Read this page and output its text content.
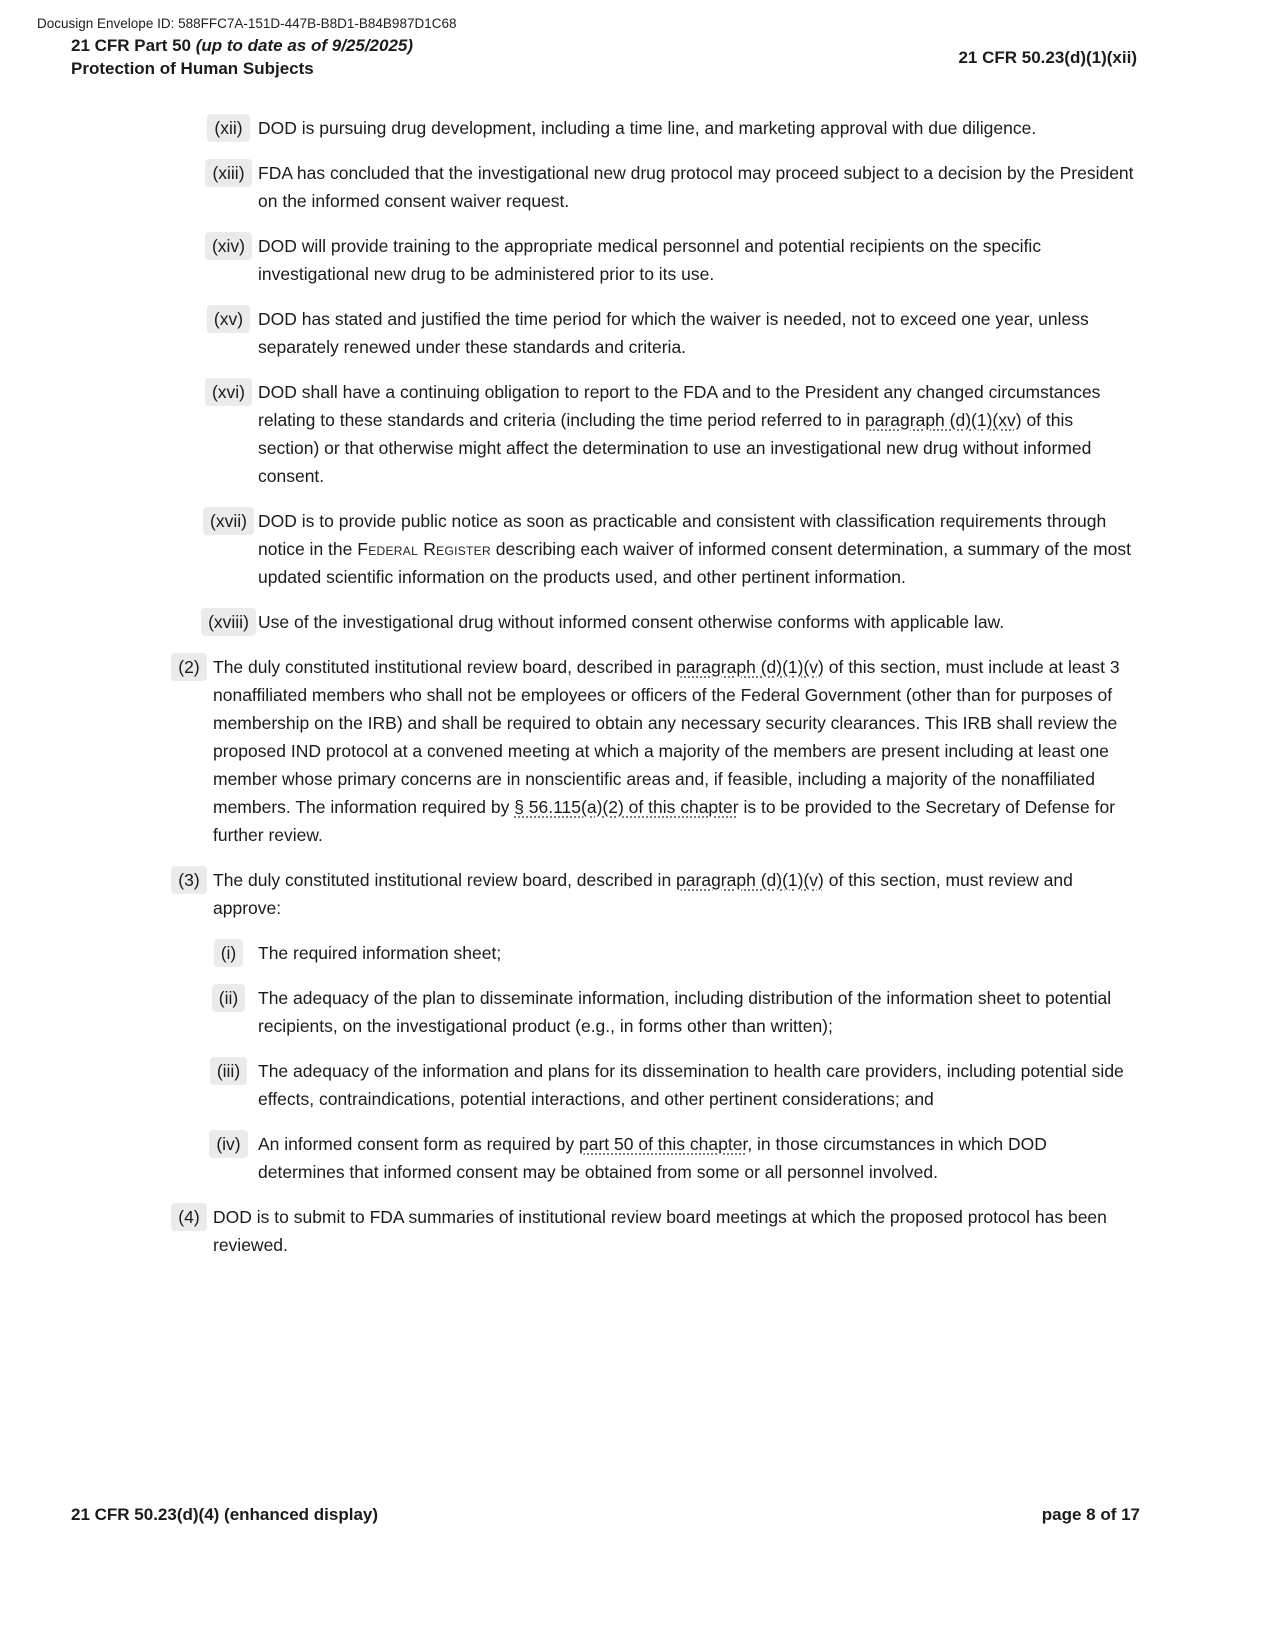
Docusign Envelope ID: 588FFC7A-151D-447B-B8D1-B84B987D1C68
21 CFR Part 50 (up to date as of 9/25/2025)
Protection of Human Subjects
21 CFR 50.23(d)(1)(xii)
(xii) DOD is pursuing drug development, including a time line, and marketing approval with due diligence.
(xiii) FDA has concluded that the investigational new drug protocol may proceed subject to a decision by the President on the informed consent waiver request.
(xiv) DOD will provide training to the appropriate medical personnel and potential recipients on the specific investigational new drug to be administered prior to its use.
(xv) DOD has stated and justified the time period for which the waiver is needed, not to exceed one year, unless separately renewed under these standards and criteria.
(xvi) DOD shall have a continuing obligation to report to the FDA and to the President any changed circumstances relating to these standards and criteria (including the time period referred to in paragraph (d)(1)(xv) of this section) or that otherwise might affect the determination to use an investigational new drug without informed consent.
(xvii) DOD is to provide public notice as soon as practicable and consistent with classification requirements through notice in the Federal Register describing each waiver of informed consent determination, a summary of the most updated scientific information on the products used, and other pertinent information.
(xviii) Use of the investigational drug without informed consent otherwise conforms with applicable law.
(2) The duly constituted institutional review board, described in paragraph (d)(1)(v) of this section, must include at least 3 nonaffiliated members who shall not be employees or officers of the Federal Government (other than for purposes of membership on the IRB) and shall be required to obtain any necessary security clearances. This IRB shall review the proposed IND protocol at a convened meeting at which a majority of the members are present including at least one member whose primary concerns are in nonscientific areas and, if feasible, including a majority of the nonaffiliated members. The information required by § 56.115(a)(2) of this chapter is to be provided to the Secretary of Defense for further review.
(3) The duly constituted institutional review board, described in paragraph (d)(1)(v) of this section, must review and approve:
(i)	The required information sheet;
(ii)	The adequacy of the plan to disseminate information, including distribution of the information sheet to potential recipients, on the investigational product (e.g., in forms other than written);
(iii)	The adequacy of the information and plans for its dissemination to health care providers, including potential side effects, contraindications, potential interactions, and other pertinent considerations; and
(iv) An informed consent form as required by part 50 of this chapter, in those circumstances in which DOD determines that informed consent may be obtained from some or all personnel involved.
(4) DOD is to submit to FDA summaries of institutional review board meetings at which the proposed protocol has been reviewed.
21 CFR 50.23(d)(4) (enhanced display)	page 8 of 17
